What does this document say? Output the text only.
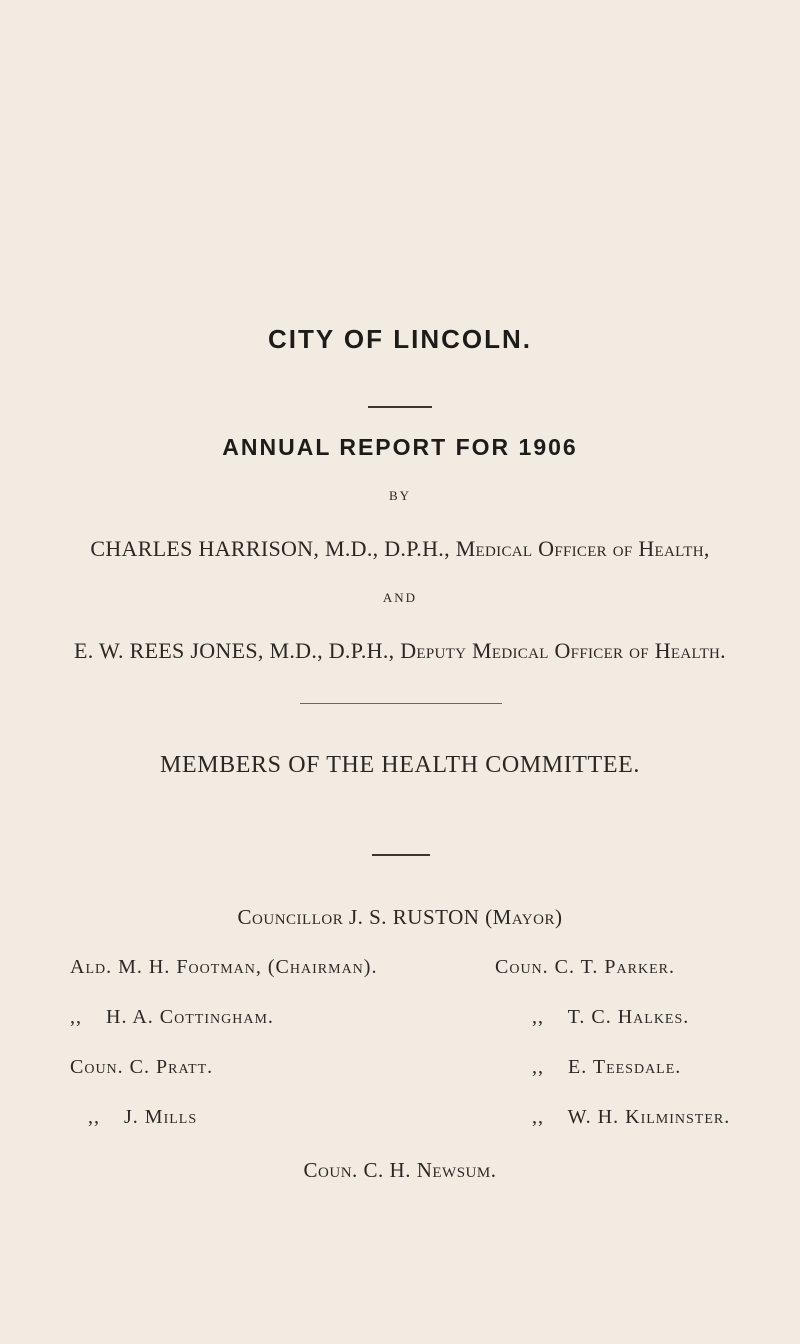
CITY OF LINCOLN.
ANNUAL REPORT FOR 1906
BY
CHARLES HARRISON, M.D., D.P.H., Medical Officer of Health,
AND
E. W. REES JONES, M.D., D.P.H., Deputy Medical Officer of Health.
MEMBERS OF THE HEALTH COMMITTEE.
Councillor J. S. RUSTON (Mayor)
Ald. M. H. Footman, (Chairman).
,, H. A. Cottingham.
Coun. C. Pratt.
,, J. Mills
Coun. C. T. Parker.
,, T. C. Halkes.
,, E. Teesdale.
,, W. H. Kilminster.
Coun. C. H. Newsum.
